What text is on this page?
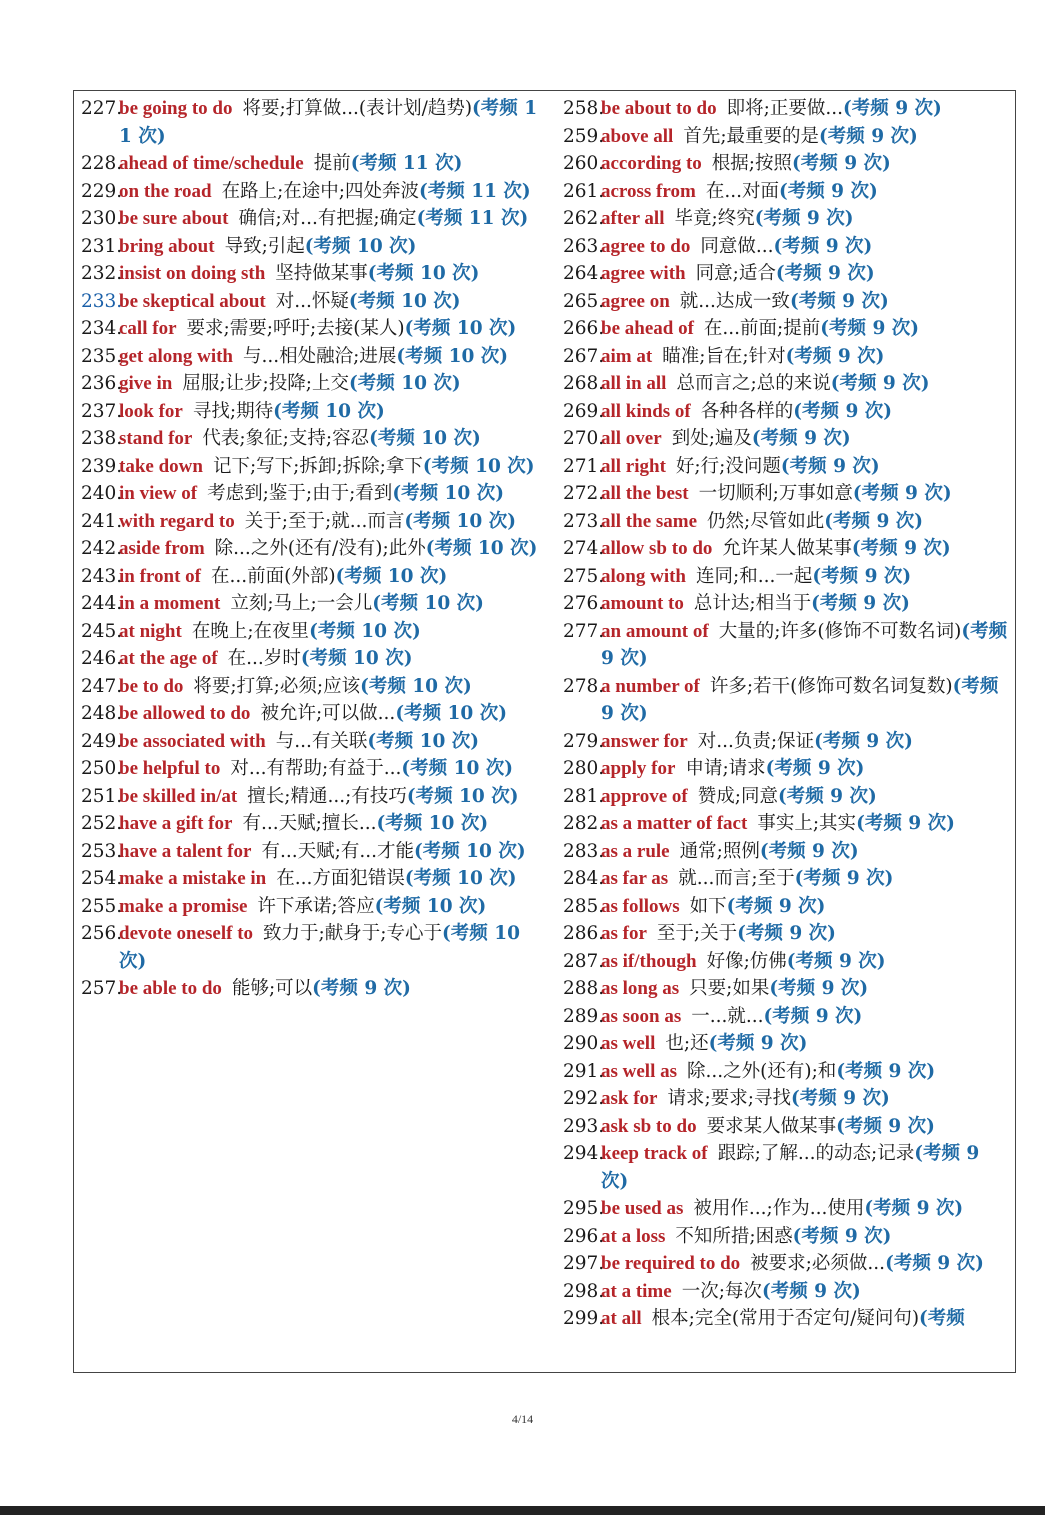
227.
be going to do 将要;打算做...(表计划/趋势)(考频 11 次)
228.
ahead of time/schedule 提前(考频 11 次)
229.
on the road 在路上;在途中;四处奔波(考频 11 次)
230.
be sure about 确信;对...有把握;确定(考频 11 次)
231.
bring about 导致;引起(考频 10 次)
232.
insist on doing sth 坚持做某事(考频 10 次)
233.
be skeptical about 对...怀疑(考频 10 次)
234.
call for 要求;需要;呼吁;去接(某人)(考频 10 次)
235.
get along with 与...相处融洽;进展(考频 10 次)
236.
give in 屈服;让步;投降;上交(考频 10 次)
237.
look for 寻找;期待(考频 10 次)
238.
stand for 代表;象征;支持;容忍(考频 10 次)
239.
take down 记下;写下;拆卸;拆除;拿下(考频 10 次)
240.
in view of 考虑到;鉴于;由于;看到(考频 10 次)
241.
with regard to 关于;至于;就...而言(考频 10 次)
242.
aside from 除...之外(还有/没有);此外(考频 10 次)
243.
in front of 在...前面(外部)(考频 10 次)
244.
in a moment 立刻;马上;一会儿(考频 10 次)
245.
at night 在晚上;在夜里(考频 10 次)
246.
at the age of 在...岁时(考频 10 次)
247.
be to do 将要;打算;必须;应该(考频 10 次)
248.
be allowed to do 被允许;可以做...(考频 10 次)
249.
be associated with 与...有关联(考频 10 次)
250.
be helpful to 对...有帮助;有益于...(考频 10 次)
251.
be skilled in/at 擅长;精通...;有技巧(考频 10 次)
252.
have a gift for 有...天赋;擅长...(考频 10 次)
253.
have a talent for 有...天赋;有...才能(考频 10 次)
254.
make a mistake in 在...方面犯错误(考频 10 次)
255.
make a promise 许下承诺;答应(考频 10 次)
256.
devote oneself to 致力于;献身于;专心于(考频 10 次)
257.
be able to do 能够;可以(考频 9 次)
258.
be about to do 即将;正要做...(考频 9 次)
259.
above all 首先;最重要的是(考频 9 次)
260.
according to 根据;按照(考频 9 次)
261.
across from 在...对面(考频 9 次)
262.
after all 毕竟;终究(考频 9 次)
263.
agree to do 同意做...(考频 9 次)
264.
agree with 同意;适合(考频 9 次)
265.
agree on 就...达成一致(考频 9 次)
266.
be ahead of 在...前面;提前(考频 9 次)
267.
aim at 瞄准;旨在;针对(考频 9 次)
268.
all in all 总而言之;总的来说(考频 9 次)
269.
all kinds of 各种各样的(考频 9 次)
270.
all over 到处;遍及(考频 9 次)
271.
all right 好;行;没问题(考频 9 次)
272.
all the best 一切顺利;万事如意(考频 9 次)
273.
all the same 仍然;尽管如此(考频 9 次)
274.
allow sb to do 允许某人做某事(考频 9 次)
275.
along with 连同;和...一起(考频 9 次)
276.
amount to 总计达;相当于(考频 9 次)
277.
an amount of 大量的;许多(修饰不可数名词)(考频 9 次)
278.
a number of 许多;若干(修饰可数名词复数)(考频 9 次)
279.
answer for 对...负责;保证(考频 9 次)
280.
apply for 申请;请求(考频 9 次)
281.
approve of 赞成;同意(考频 9 次)
282.
as a matter of fact 事实上;其实(考频 9 次)
283.
as a rule 通常;照例(考频 9 次)
284.
as far as 就...而言;至于(考频 9 次)
285.
as follows 如下(考频 9 次)
286.
as for 至于;关于(考频 9 次)
287.
as if/though 好像;仿佛(考频 9 次)
288.
as long as 只要;如果(考频 9 次)
289.
as soon as 一...就...(考频 9 次)
290.
as well 也;还(考频 9 次)
291.
as well as 除...之外(还有);和(考频 9 次)
292.
ask for 请求;要求;寻找(考频 9 次)
293.
ask sb to do 要求某人做某事(考频 9 次)
294.
keep track of 跟踪;了解...的动态;记录(考频 9 次)
295.
be used as 被用作...;作为...使用(考频 9 次)
296.
at a loss 不知所措;困惑(考频 9 次)
297.
be required to do 被要求;必须做...(考频 9 次)
298.
at a time 一次;每次(考频 9 次)
299.
at all 根本;完全(常用于否定句/疑问句)(考频
4/14
